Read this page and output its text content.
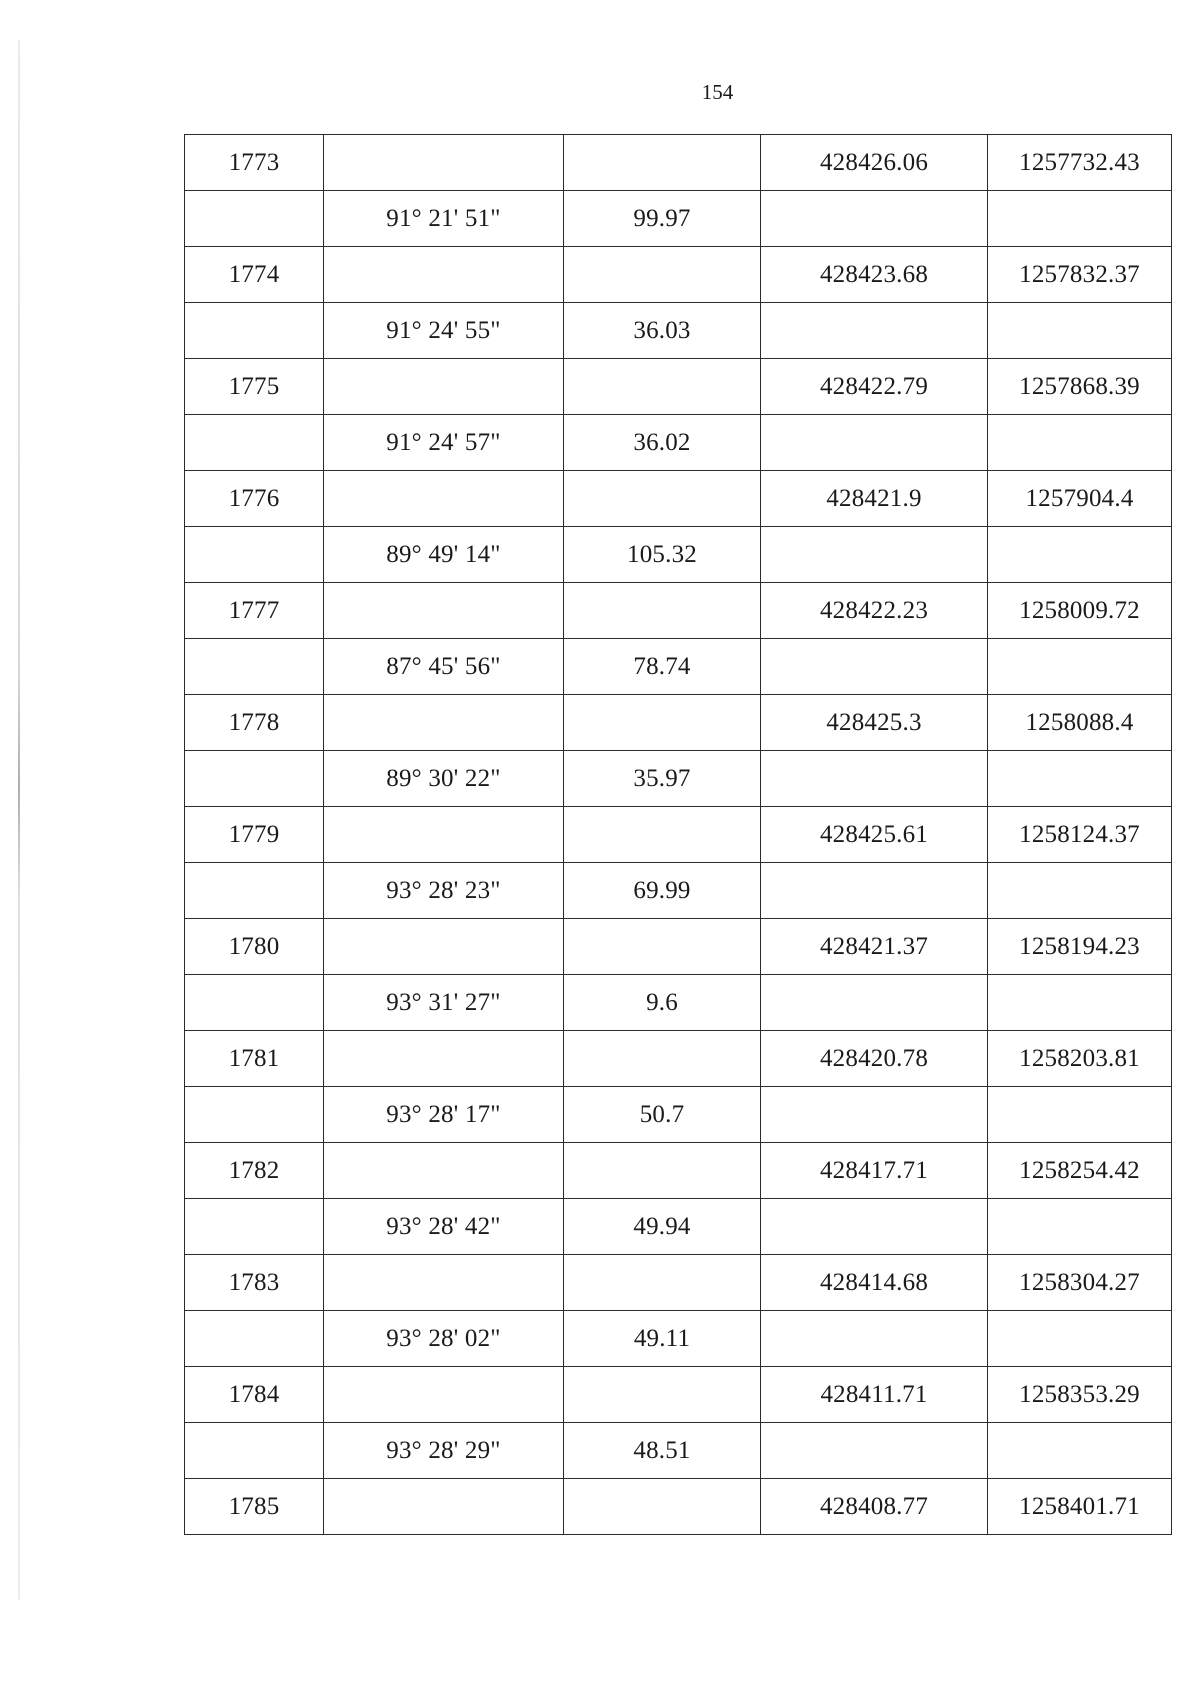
154
1773			428426.06	1257732.43
	91° 21' 51"	99.97		
1774			428423.68	1257832.37
	91° 24' 55"	36.03		
1775			428422.79	1257868.39
	91° 24' 57"	36.02		
1776			428421.9	1257904.4
	89° 49' 14"	105.32		
1777			428422.23	1258009.72
	87° 45' 56"	78.74		
1778			428425.3	1258088.4
	89° 30' 22"	35.97		
1779			428425.61	1258124.37
	93° 28' 23"	69.99		
1780			428421.37	1258194.23
	93° 31' 27"	9.6		
1781			428420.78	1258203.81
	93° 28' 17"	50.7		
1782			428417.71	1258254.42
	93° 28' 42"	49.94		
1783			428414.68	1258304.27
	93° 28' 02"	49.11		
1784			428411.71	1258353.29
	93° 28' 29"	48.51		
1785			428408.77	1258401.71
